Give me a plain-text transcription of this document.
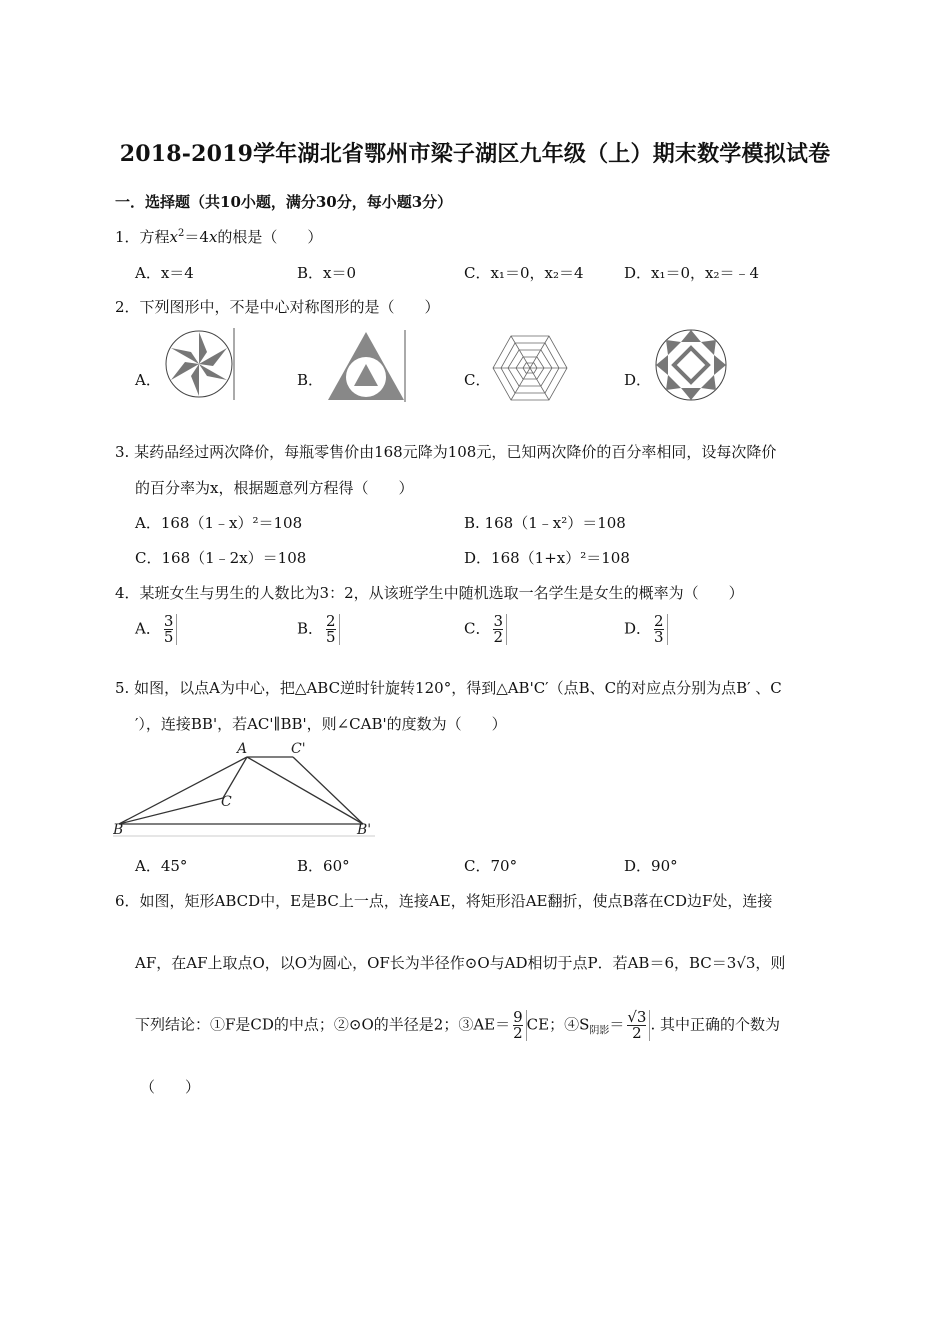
2018-2019学年湖北省鄂州市梁子湖区九年级（上）期末数学模拟试卷
一．选择题（共10小题，满分30分，每小题3分）
1．方程$x^2=4x$的根是（　　）
A．x＝4	B．x＝0	C．x₁＝0，x₂＝4	D．x₁＝0，x₂＝﹣4
2．下列图形中，不是中心对称图形的是（　　）
A．	B．	C．	D．
3. 某药品经过两次降价，每瓶零售价由168元降为108元，已知两次降价的百分率相同，设每次降价
的百分率为x，根据题意列方程得（　　）
A．168（1﹣x）²＝108	B. 168（1﹣x²）＝108
C．168（1﹣2x）＝108	D．168（1+x）²＝108
4．某班女生与男生的人数比为3：2，从该班学生中随机选取一名学生是女生的概率为（　　）
A． $\frac{3}{5}$	B． $\frac{2}{5}$	C． $\frac{3}{2}$	D． $\frac{2}{3}$
5. 如图，以点A为中心，把△ABC逆时针旋转120°，得到△AB'C′（点B、C的对应点分别为点B′ 、C
′），连接BB'，若AC'∥BB'，则∠CAB'的度数为（　　）
A	C'
C
B	B'
A．45°	B．60°	C．70°	D．90°
6．如图，矩形ABCD中，E是BC上一点，连接AE，将矩形沿AE翻折，使点B落在CD边F处，连接
AF，在AF上取点O，以O为圆心，OF长为半径作⊙O与AD相切于点P．若AB＝6，BC＝3√3，则
下列结论：①F是CD的中点；②⊙O的半径是2；③AE＝ $\frac{9}{2}$ CE；$④S_{阴影}= \frac{√3}{2}$ . 其中正确的个数为
（　　）
